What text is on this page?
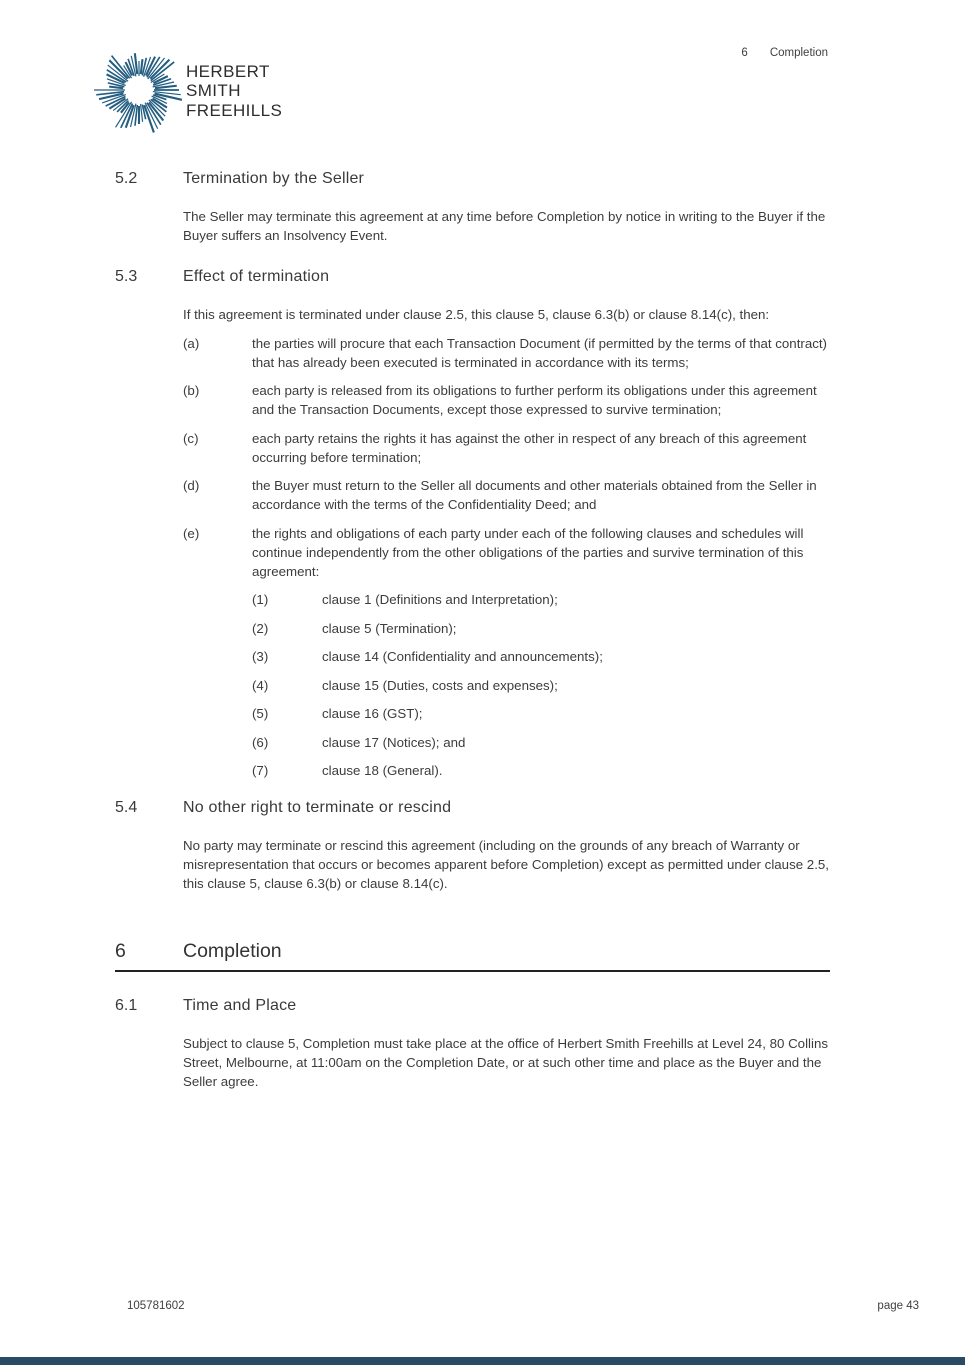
HERBERT
SMITH
FREEHILLS
6 Completion
5.2	Termination by the Seller

The Seller may terminate this agreement at any time before Completion by notice in writing to the Buyer if the Buyer suffers an Insolvency Event.

5.3	Effect of termination

If this agreement is terminated under clause 2.5, this clause 5, clause 6.3(b) or clause 8.14(c), then:

(a)	the parties will procure that each Transaction Document (if permitted by the terms of that contract) that has already been executed is terminated in accordance with its terms;
(b)	each party is released from its obligations to further perform its obligations under this agreement and the Transaction Documents, except those expressed to survive termination;
(c)	each party retains the rights it has against the other in respect of any breach of this agreement occurring before termination;
(d)	the Buyer must return to the Seller all documents and other materials obtained from the Seller in accordance with the terms of the Confidentiality Deed; and
(e)	the rights and obligations of each party under each of the following clauses and schedules will continue independently from the other obligations of the parties and survive termination of this agreement:
(1)	clause 1 (Definitions and Interpretation);
(2)	clause 5 (Termination);
(3)	clause 14 (Confidentiality and announcements);
(4)	clause 15 (Duties, costs and expenses);
(5)	clause 16 (GST);
(6)	clause 17 (Notices); and
(7)	clause 18 (General).
5.4	No other right to terminate or rescind

No party may terminate or rescind this agreement (including on the grounds of any breach of Warranty or misrepresentation that occurs or becomes apparent before Completion) except as permitted under clause 2.5, this clause 5, clause 6.3(b) or clause 8.14(c).

6	Completion
6.1	Time and Place

Subject to clause 5, Completion must take place at the office of Herbert Smith Freehills at Level 24, 80 Collins Street, Melbourne, at 11:00am on the Completion Date, or at such other time and place as the Buyer and the Seller agree.

105781602	page 43
